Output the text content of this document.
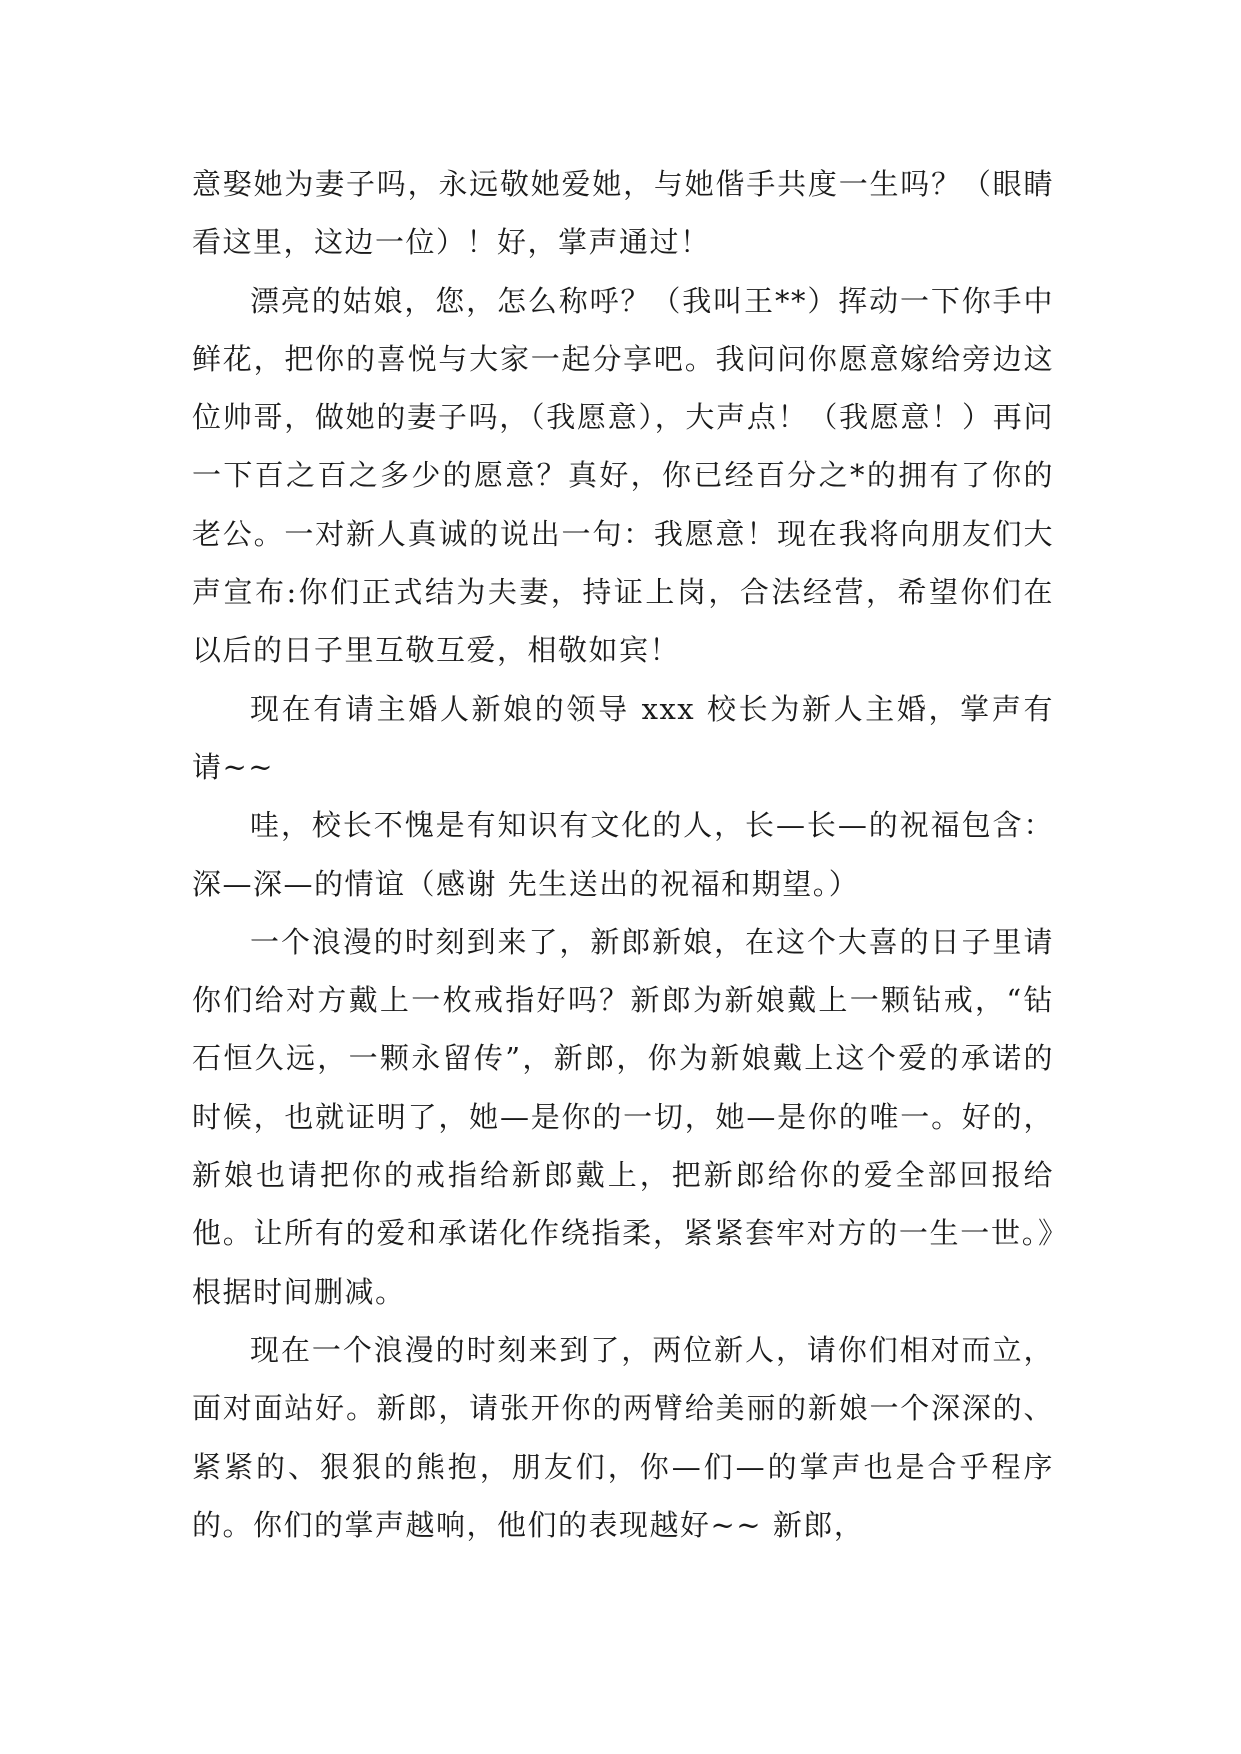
意娶她为妻子吗，永远敬她爱她，与她偕手共度一生吗？（眼睛看这里，这边一位）！好，掌声通过！

漂亮的姑娘，您，怎么称呼？（我叫王**）挥动一下你手中鲜花，把你的喜悦与大家一起分享吧。我问问你愿意嫁给旁边这位帅哥，做她的妻子吗，（我愿意），大声点！（我愿意！）再问一下百之百之多少的愿意？真好，你已经百分之*的拥有了你的老公。一对新人真诚的说出一句：我愿意！现在我将向朋友们大声宣布:你们正式结为夫妻，持证上岗，合法经营，希望你们在以后的日子里互敬互爱，相敬如宾！

现在有请主婚人新娘的领导 xxx 校长为新人主婚，掌声有请~~

哇，校长不愧是有知识有文化的人，长—长—的祝福包含：深—深—的情谊（感谢 先生送出的祝福和期望。）

一个浪漫的时刻到来了，新郎新娘，在这个大喜的日子里请你们给对方戴上一枚戒指好吗？新郎为新娘戴上一颗钻戒，“钻石恒久远，一颗永留传”，新郎，你为新娘戴上这个爱的承诺的时候，也就证明了，她—是你的一切，她—是你的唯一。好的，新娘也请把你的戒指给新郎戴上，把新郎给你的爱全部回报给他。让所有的爱和承诺化作绕指柔，紧紧套牢对方的一生一世。》根据时间删减。

现在一个浪漫的时刻来到了，两位新人，请你们相对而立，面对面站好。新郎，请张开你的两臂给美丽的新娘一个深深的、紧紧的、狠狠的熊抱，朋友们，你—们—的掌声也是合乎程序的。你们的掌声越响，他们的表现越好~~ 新郎，
